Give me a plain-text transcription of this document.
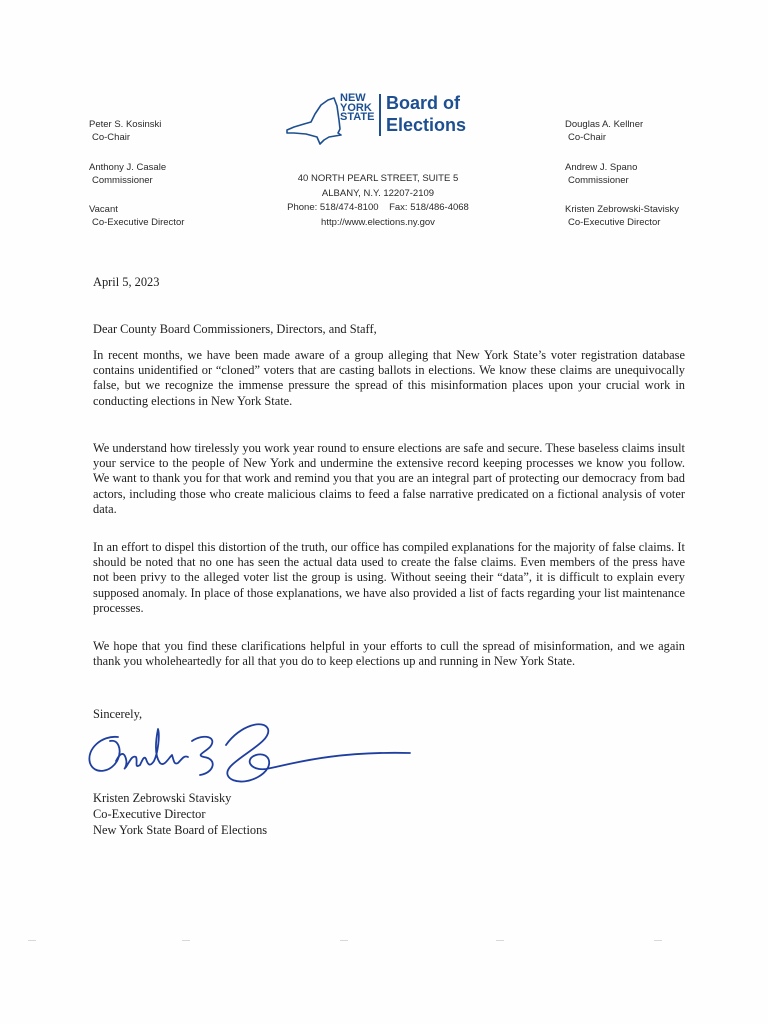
Peter S. Kosinski
Co-Chair
Anthony J. Casale
Commissioner
Vacant
Co-Executive Director
NEW
YORK
STATE
Board of
Elections
40 NORTH PEARL STREET, SUITE 5
ALBANY, N.Y. 12207-2109
Phone: 518/474-8100    Fax: 518/486-4068
http://www.elections.ny.gov
Douglas A. Kellner
Co-Chair
Andrew J. Spano
Commissioner
Kristen Zebrowski-Stavisky
Co-Executive Director
April 5, 2023
Dear County Board Commissioners, Directors, and Staff,

In recent months, we have been made aware of a group alleging that New York State’s voter registration database contains unidentified or “cloned” voters that are casting ballots in elections. We know these claims are unequivocally false, but we recognize the immense pressure the spread of this misinformation places upon your crucial work in conducting elections in New York State.

We understand how tirelessly you work year round to ensure elections are safe and secure. These baseless claims insult your service to the people of New York and undermine the extensive record keeping processes we know you follow. We want to thank you for that work and remind you that you are an integral part of protecting our democracy from bad actors, including those who create malicious claims to feed a false narrative predicated on a fictional analysis of voter data.

In an effort to dispel this distortion of the truth, our office has compiled explanations for the majority of false claims. It should be noted that no one has seen the actual data used to create the false claims. Even members of the press have not been privy to the alleged voter list the group is using. Without seeing their “data”, it is difficult to explain every supposed anomaly. In place of those explanations, we have also provided a list of facts regarding your list maintenance processes.

We hope that you find these clarifications helpful in your efforts to cull the spread of misinformation, and we again thank you wholeheartedly for all that you do to keep elections up and running in New York State.

Sincerely,
Kristen Zebrowski Stavisky
Co-Executive Director
New York State Board of Elections
